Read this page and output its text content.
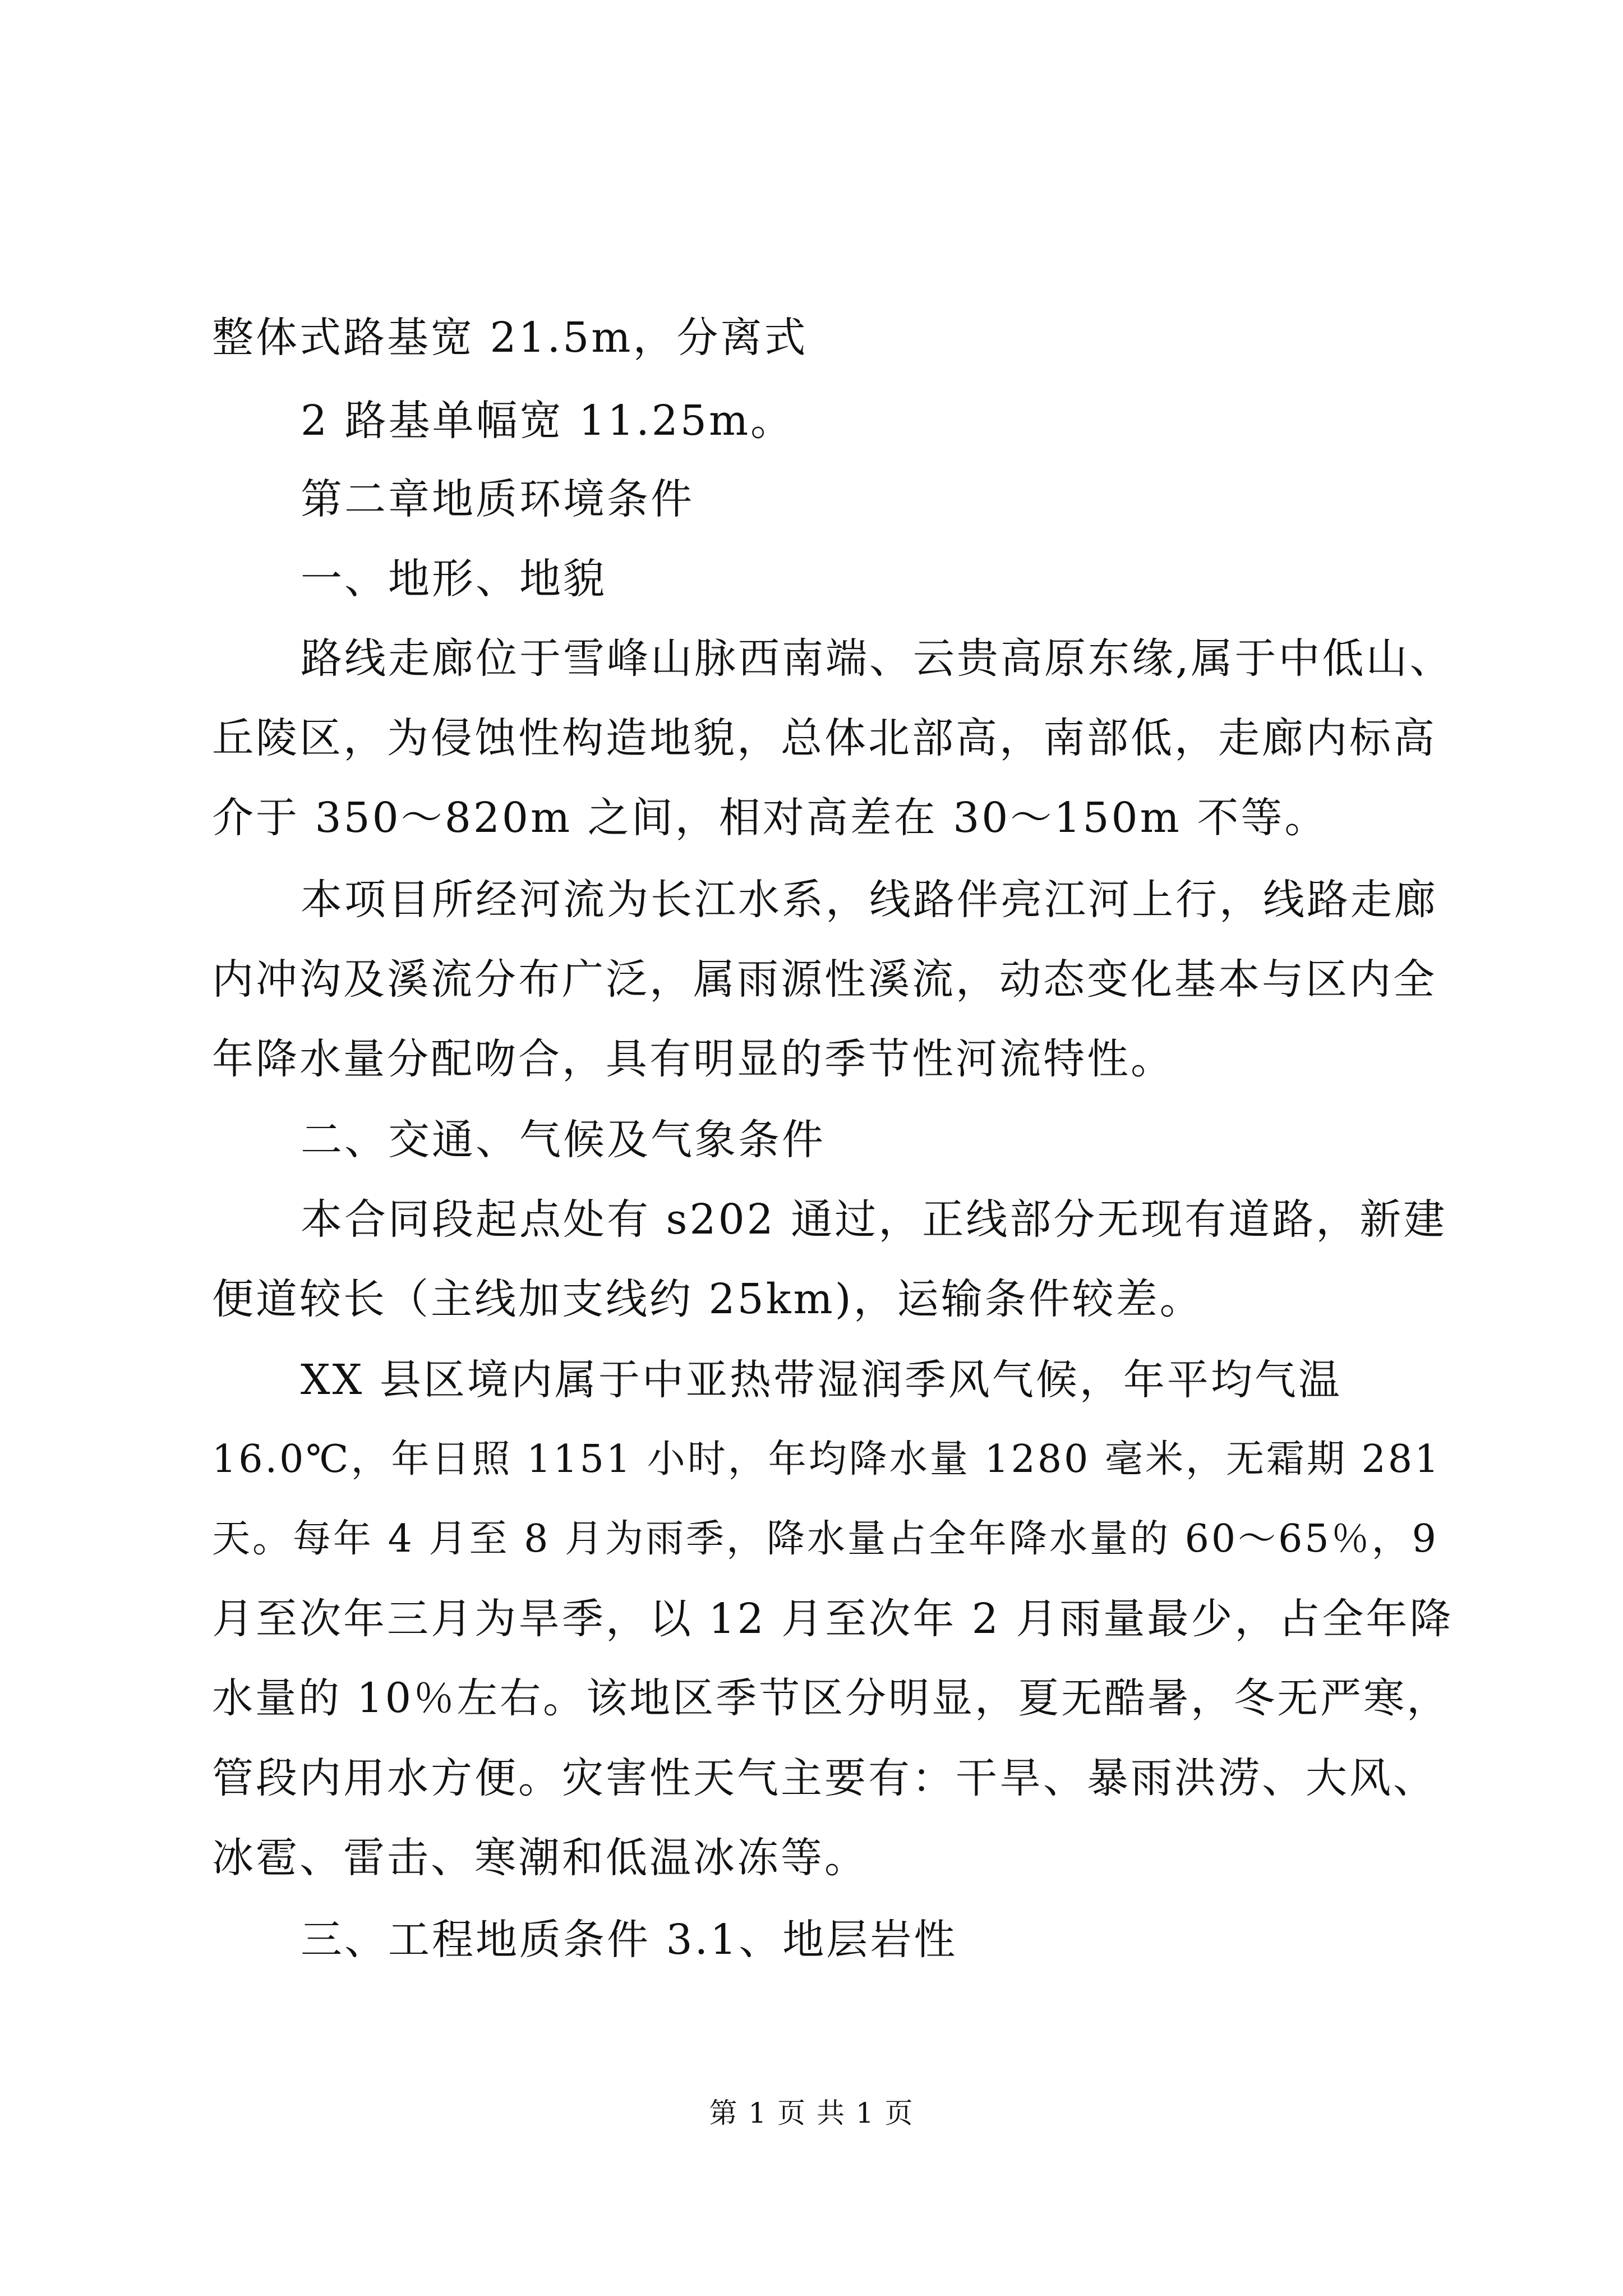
整体式路基宽 21.5m，分离式
2 路基单幅宽 11.25m。
第二章地质环境条件
一、地形、地貌
路线走廊位于雪峰山脉西南端、云贵高原东缘,属于中低山、
丘陵区，为侵蚀性构造地貌，总体北部高，南部低，走廊内标高
介于 350～820m 之间，相对高差在 30～150m 不等。
本项目所经河流为长江水系，线路伴亮江河上行，线路走廊
内冲沟及溪流分布广泛，属雨源性溪流，动态变化基本与区内全
年降水量分配吻合，具有明显的季节性河流特性。
二、交通、气候及气象条件
本合同段起点处有 s202 通过，正线部分无现有道路，新建
便道较长（主线加支线约 25km)，运输条件较差。
XX 县区境内属于中亚热带湿润季风气候，年平均气温
16.0℃，年日照 1151 小时，年均降水量 1280 毫米，无霜期 281
天。每年 4 月至 8 月为雨季，降水量占全年降水量的 60～65％，9
月至次年三月为旱季，以 12 月至次年 2 月雨量最少，占全年降
水量的 10％左右。该地区季节区分明显，夏无酷暑，冬无严寒，
管段内用水方便。灾害性天气主要有：干旱、暴雨洪涝、大风、
冰雹、雷击、寒潮和低温冰冻等。
三、工程地质条件 3.1、地层岩性
第 1 页 共 1 页
